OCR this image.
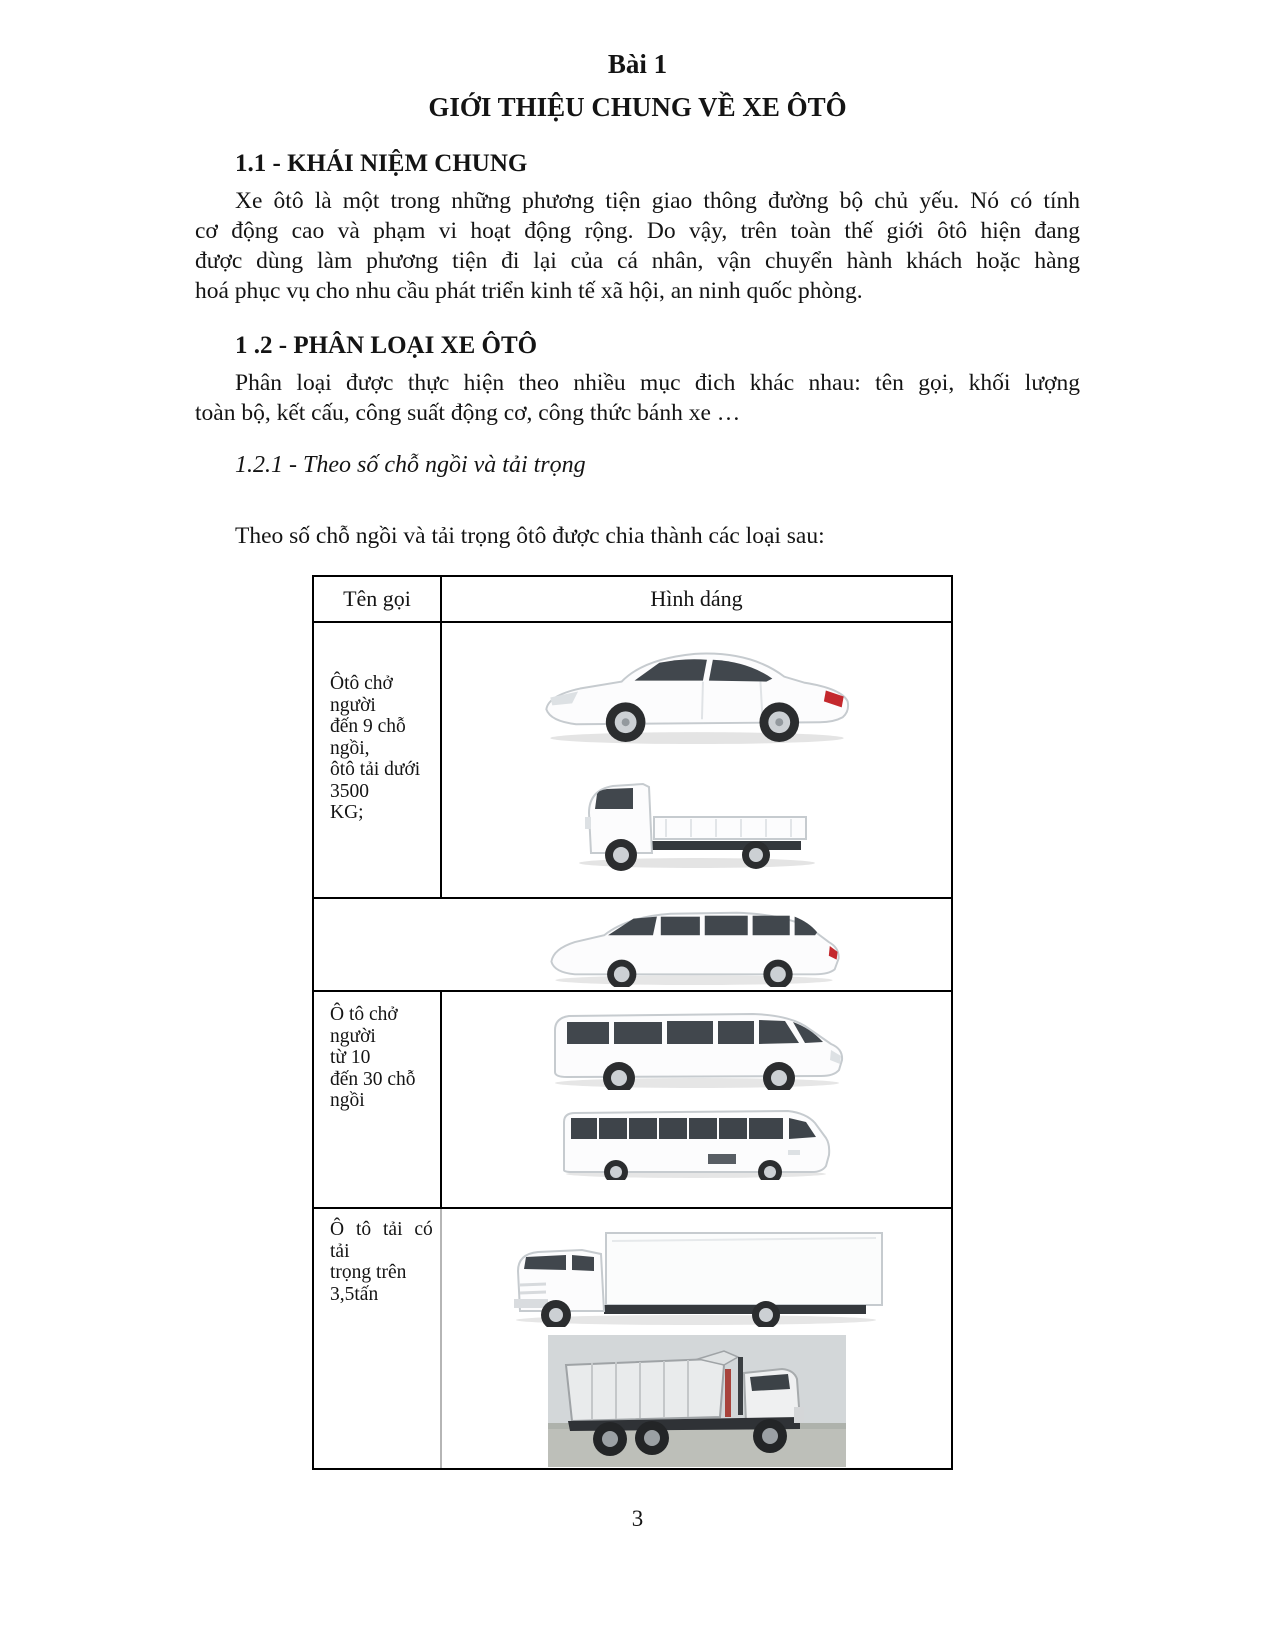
Bài 1
GIỚI THIỆU CHUNG VỀ XE ÔTÔ
1.1 - KHÁI NIỆM CHUNG
Xe ôtô là một trong những phương tiện giao thông đường bộ chủ yếu. Nó có tính
cơ động cao và phạm vi hoạt động rộng. Do vậy, trên toàn thế giới ôtô hiện đang
được dùng làm phương tiện đi lại của cá nhân, vận chuyển hành khách hoặc hàng
hoá phục vụ cho nhu cầu phát triển kinh tế xã hội, an ninh quốc phòng.
1 .2 - PHÂN LOẠI XE ÔTÔ
Phân loại được thực hiện theo nhiều mục đich khác nhau: tên gọi, khối lượng
toàn bộ, kết cấu, công suất động cơ, công thức bánh xe …
1.2.1 - Theo số chỗ ngồi và tải trọng
Theo số chỗ ngồi và tải trọng ôtô được chia thành các loại sau:
Tên gọi	Hình dáng
Ôtô chở người
đến 9 chỗ ngồi,
ôtô tải dưới 3500
KG;
Ô tô chở người
từ 10
đến 30 chỗ ngồi
Ô tô tải có tải
trọng trên 3,5tấn
3
